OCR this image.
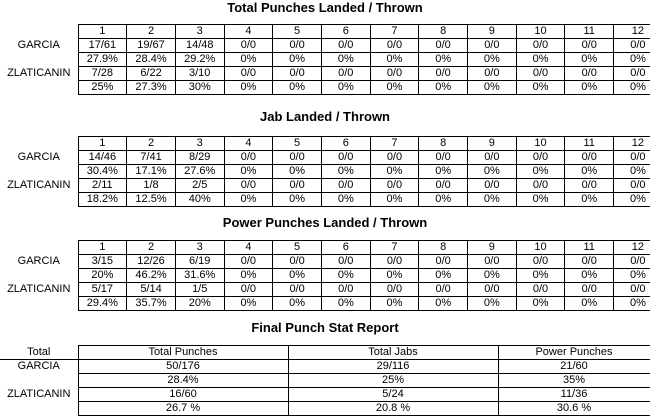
Total Punches Landed / Thrown
	1	2	3	4	5	6	7	8	9	10	11	12
GARCIA	17/61	19/67	14/48	0/0	0/0	0/0	0/0	0/0	0/0	0/0	0/0	0/0
	27.9%	28.4%	29.2%	0%	0%	0%	0%	0%	0%	0%	0%	0%
ZLATICANIN	7/28	6/22	3/10	0/0	0/0	0/0	0/0	0/0	0/0	0/0	0/0	0/0
	25%	27.3%	30%	0%	0%	0%	0%	0%	0%	0%	0%	0%
Jab Landed / Thrown
	1	2	3	4	5	6	7	8	9	10	11	12
GARCIA	14/46	7/41	8/29	0/0	0/0	0/0	0/0	0/0	0/0	0/0	0/0	0/0
	30.4%	17.1%	27.6%	0%	0%	0%	0%	0%	0%	0%	0%	0%
ZLATICANIN	2/11	1/8	2/5	0/0	0/0	0/0	0/0	0/0	0/0	0/0	0/0	0/0
	18.2%	12.5%	40%	0%	0%	0%	0%	0%	0%	0%	0%	0%
Power Punches Landed / Thrown
	1	2	3	4	5	6	7	8	9	10	11	12
GARCIA	3/15	12/26	6/19	0/0	0/0	0/0	0/0	0/0	0/0	0/0	0/0	0/0
	20%	46.2%	31.6%	0%	0%	0%	0%	0%	0%	0%	0%	0%
ZLATICANIN	5/17	5/14	1/5	0/0	0/0	0/0	0/0	0/0	0/0	0/0	0/0	0/0
	29.4%	35.7%	20%	0%	0%	0%	0%	0%	0%	0%	0%	0%
Final Punch Stat Report
Total	Total Punches	Total Jabs	Power Punches
GARCIA	50/176	29/116	21/60
	28.4%	25%	35%
ZLATICANIN	16/60	5/24	11/36
	26.7 %	20.8 %	30.6 %
